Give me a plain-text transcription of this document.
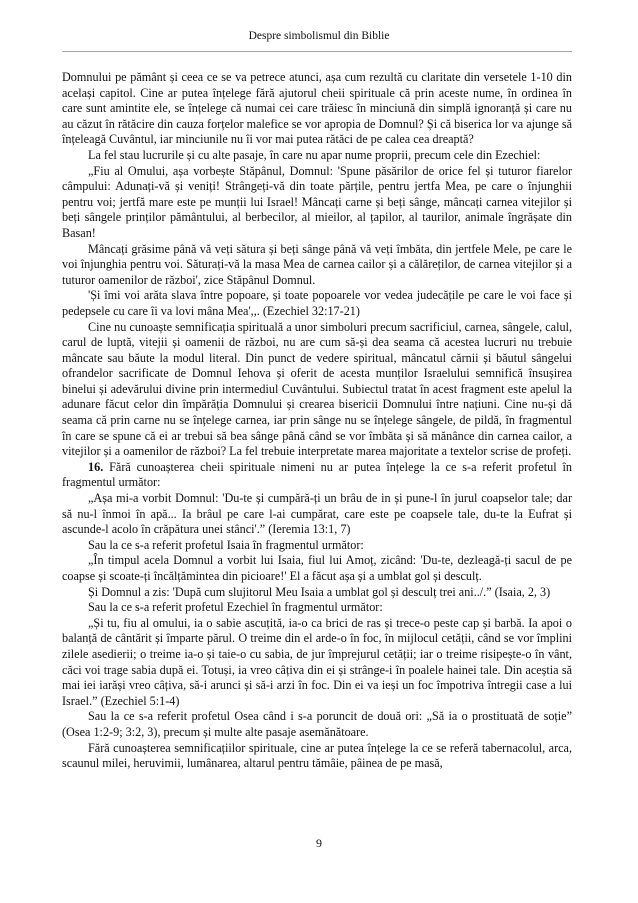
Despre simbolismul din Biblie

Domnului pe pământ și ceea ce se va petrece atunci, așa cum rezultă cu claritate din versetele 1-10 din același capitol. Cine ar putea înțelege fără ajutorul cheii spirituale că prin aceste nume, în ordinea în care sunt amintite ele, se înțelege că numai cei care trăiesc în minciună din simplă ignoranță și care nu au căzut în rătăcire din cauza forțelor malefice se vor apropia de Domnul? Și că biserica lor va ajunge să înțeleagă Cuvântul, iar minciunile nu îi vor mai putea rătăci de pe calea cea dreaptă?

La fel stau lucrurile și cu alte pasaje, în care nu apar nume proprii, precum cele din Ezechiel:

„Fiu al Omului, așa vorbește Stăpânul, Domnul: 'Spune păsărilor de orice fel și tuturor fiarelor câmpului: Adunați-vă și veniți! Strângeți-vă din toate părțile, pentru jertfa Mea, pe care o înjunghii pentru voi; jertfă mare este pe munții lui Israel! Mâncați carne și beți sânge, mâncați carnea vitejilor și beți sângele prinților pământului, al berbecilor, al mieilor, al țapilor, al taurilor, animale îngrășate din Basan!

Mâncați grăsime până vă veți sătura și beți sânge până vă veți îmbăta, din jertfele Mele, pe care le voi înjunghia pentru voi. Săturați-vă la masa Mea de carnea cailor și a călăreților, de carnea vitejilor și a tuturor oamenilor de război', zice Stăpânul Domnul.

'Și îmi voi arăta slava între popoare, și toate popoarele vor vedea judecățile pe care le voi face și pedepsele cu care îi va lovi mâna Mea',,. (Ezechiel 32:17-21)

Cine nu cunoaște semnificația spirituală a unor simboluri precum sacrificiul, carnea, sângele, calul, carul de luptă, vitejii și oamenii de război, nu are cum să-și dea seama că acestea lucruri nu trebuie mâncate sau băute la modul literal. Din punct de vedere spiritual, mâncatul cărnii și băutul sângelui ofrandelor sacrificate de Domnul Iehova și oferit de acesta munților Israelului semnifică însușirea binelui și adevărului divine prin intermediul Cuvântului. Subiectul tratat în acest fragment este apelul la adunare făcut celor din împărăția Domnului și crearea bisericii Domnului între națiuni. Cine nu-și dă seama că prin carne nu se înțelege carnea, iar prin sânge nu se înțelege sângele, de pildă, în fragmentul în care se spune că ei ar trebui să bea sânge până când se vor îmbăta și să mănânce din carnea cailor, a vitejilor și a oamenilor de război? La fel trebuie interpretate marea majoritate a textelor scrise de profeți.

16. Fără cunoașterea cheii spirituale nimeni nu ar putea înțelege la ce s-a referit profetul în fragmentul următor:

„Așa mi-a vorbit Domnul: 'Du-te și cumpără-ți un brâu de in și pune-l în jurul coapselor tale; dar să nu-l înmoi în apă... Ia brâul pe care l-ai cumpărat, care este pe coapsele tale, du-te la Eufrat și ascunde-l acolo în crăpătura unei stânci'.” (Ieremia 13:1, 7)

Sau la ce s-a referit profetul Isaia în fragmentul următor:

„În timpul acela Domnul a vorbit lui Isaia, fiul lui Amoț, zicând: 'Du-te, dezleagă-ți sacul de pe coapse și scoate-ți încălțămintea din picioare!' El a făcut așa și a umblat gol și desculț.

Și Domnul a zis: 'După cum slujitorul Meu Isaia a umblat gol și desculț trei ani../.” (Isaia, 2, 3)

Sau la ce s-a referit profetul Ezechiel în fragmentul următor:

„Și tu, fiu al omului, ia o sabie ascuțită, ia-o ca brici de ras și trece-o peste cap și barbă. Ia apoi o balanță de cântărit și împarte părul. O treime din el arde-o în foc, în mijlocul cetății, când se vor împlini zilele asedierii; o treime ia-o și taie-o cu sabia, de jur împrejurul cetății; iar o treime risipește-o în vânt, căci voi trage sabia după ei. Totuși, ia vreo câțiva din ei și strânge-i în poalele hainei tale. Din aceștia să mai iei iarăși vreo câțiva, să-i arunci și să-i arzi în foc. Din ei va ieși un foc împotriva întregii case a lui Israel.” (Ezechiel 5:1-4)

Sau la ce s-a referit profetul Osea când i s-a poruncit de două ori: „Să ia o prostituată de soție” (Osea 1:2-9; 3:2, 3), precum și multe alte pasaje asemănătoare.

Fără cunoașterea semnificațiilor spirituale, cine ar putea înțelege la ce se referă tabernacolul, arca, scaunul milei, heruvimii, lumânarea, altarul pentru tămâie, pâinea de pe masă,

9
